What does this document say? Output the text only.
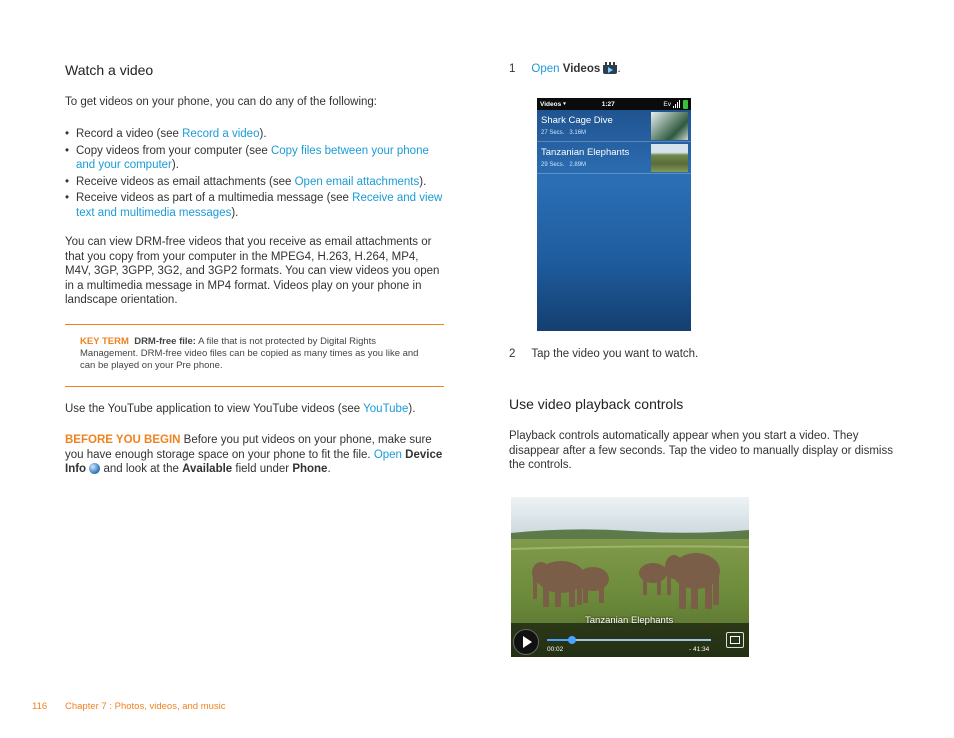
Watch a video

To get videos on your phone, you can do any of the following:

• Record a video (see Record a video).
• Copy videos from your computer (see Copy files between your phone and your computer).
• Receive videos as email attachments (see Open email attachments).
• Receive videos as part of a multimedia message (see Receive and view text and multimedia messages).

You can view DRM-free videos that you receive as email attachments or that you copy from your computer in the MPEG4, H.263, H.264, MP4, M4V, 3GP, 3GPP, 3G2, and 3GP2 formats. You can view videos you open in a multimedia message in MP4 format. Videos play on your phone in landscape orientation.

KEY TERM DRM-free file: A file that is not protected by Digital Rights Management. DRM-free video files can be copied as many times as you like and can be played on your Pre phone.

Use the YouTube application to view YouTube videos (see YouTube).

BEFORE YOU BEGIN Before you put videos on your phone, make sure you have enough storage space on your phone to fit the file. Open Device Info  and look at the Available field under Phone.

1 Open Videos .

Videos ▾	1:27	Ev
Shark Cage Dive
27 Secs. 3.16M
Tanzanian Elephants
29 Secs. 2.89M

2 Tap the video you want to watch.

Use video playback controls

Playback controls automatically appear when you start a video. They disappear after a few seconds. Tap the video to manually display or dismiss the controls.

Tanzanian Elephants
00:02	- 41:34
116 Chapter 7 : Photos, videos, and music
